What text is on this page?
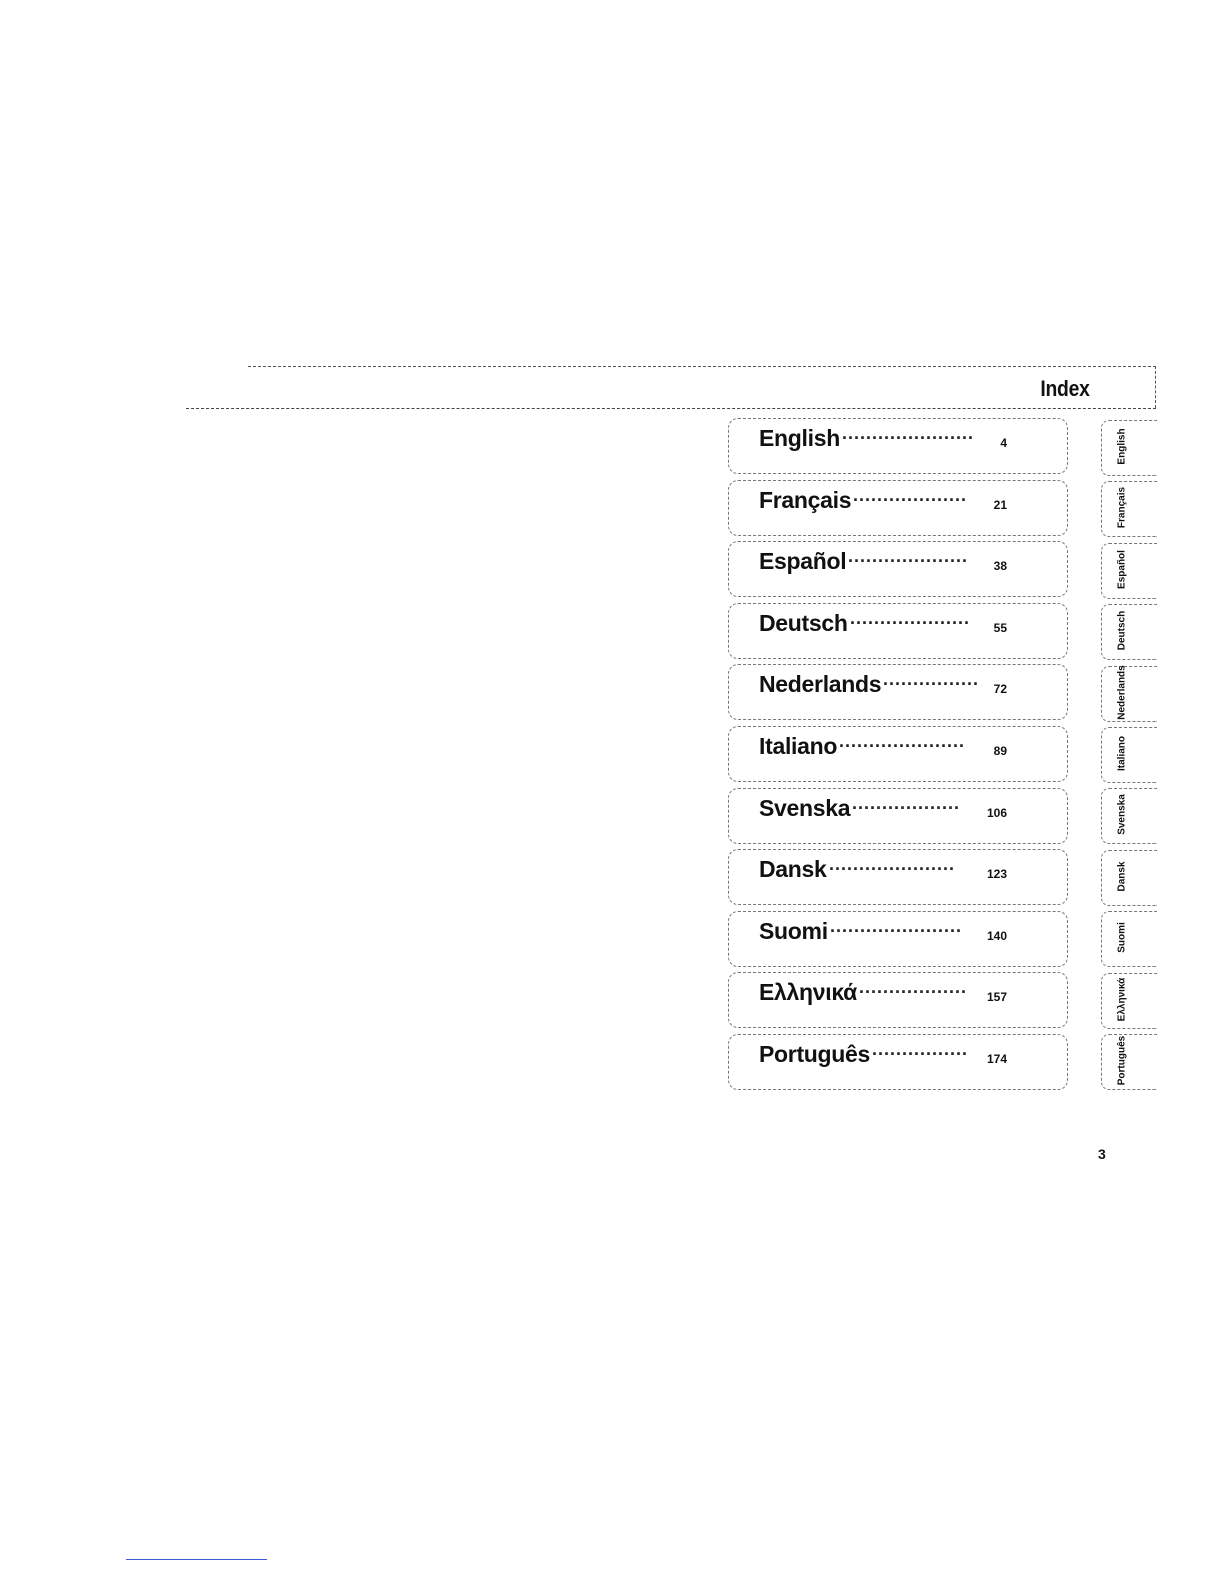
Index
English	4
......................
Français	21
...................
Español	38
....................
Deutsch	55
....................
Nederlands	72
................
Italiano	89
.....................
Svenska	106
..................
Dansk	123
.....................
Suomi	140
......................
Ελληνικά	157
..................
Português	174
................
English
Français
Español
Deutsch
Nederlands
Italiano
Svenska
Dansk
Suomi
Ελληνικά
Português
3
